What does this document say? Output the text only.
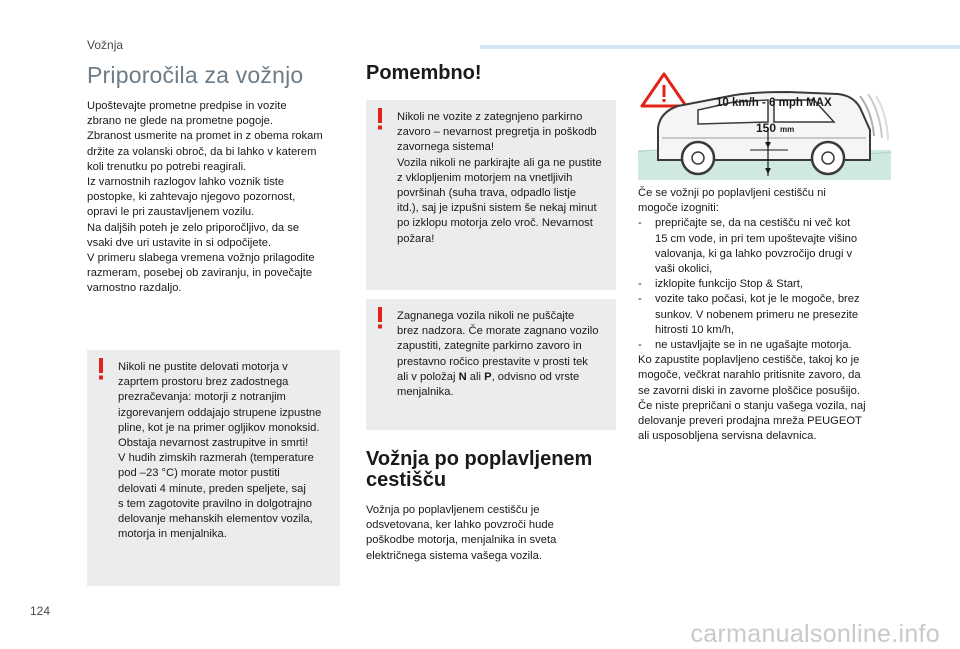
Vožnja
Priporočila za vožnjo

Upoštevajte prometne predpise in vozite
zbrano ne glede na prometne pogoje.
Zbranost usmerite na promet in z obema rokam
držite za volanski obroč, da bi lahko v katerem
koli trenutku po potrebi reagirali.
Iz varnostnih razlogov lahko voznik tiste
postopke, ki zahtevajo njegovo pozornost,
opravi le pri zaustavljenem vozilu.
Na daljših poteh je zelo priporočljivo, da se
vsaki dve uri ustavite in si odpočijete.
V primeru slabega vremena vožnjo prilagodite
razmeram, posebej ob zaviranju, in povečajte
varnostno razdaljo.

Nikoli ne pustite delovati motorja v
zaprtem prostoru brez zadostnega
prezračevanja: motorji z notranjim
izgorevanjem oddajajo strupene izpustne
pline, kot je na primer ogljikov monoksid.
Obstaja nevarnost zastrupitve in smrti!
V hudih zimskih razmerah (temperature
pod –23 °C) morate motor pustiti
delovati 4 minute, preden speljete, saj
s tem zagotovite pravilno in dolgotrajno
delovanje mehanskih elementov vozila,
motorja in menjalnika.

Pomembno!

Nikoli ne vozite z zategnjeno parkirno
zavoro – nevarnost pregretja in poškodb
zavornega sistema!
Vozila nikoli ne parkirajte ali ga ne pustite
z vklopljenim motorjem na vnetljivih
površinah (suha trava, odpadlo listje
itd.), saj je izpušni sistem še nekaj minut
po izklopu motorja zelo vroč. Nevarnost
požara!

Zagnanega vozila nikoli ne puščajte
brez nadzora. Če morate zagnano vozilo
zapustiti, zategnite parkirno zavoro in
prestavno ročico prestavite v prosti tek
ali v položaj N ali P, odvisno od vrste
menjalnika.

Vožnja po poplavljenem
cestišču

Vožnja po poplavljenem cestišču je
odsvetovana, ker lahko povzroči hude
poškodbe motorja, menjalnika in sveta
električnega sistema vašega vozila.

10 km/h - 6 mph MAX
150 mm

Če se vožnji po poplavljeni cestišču ni
mogoče izogniti:

- prepričajte se, da na cestišču ni več kot
15 cm vode, in pri tem upoštevajte višino
valovanja, ki ga lahko povzročijo drugi v
vaši okolici,
- izklopite funkcijo Stop & Start,
- vozite tako počasi, kot je le mogoče, brez
sunkov. V nobenem primeru ne presezite
hitrosti 10 km/h,
- ne ustavljajte se in ne ugašajte motorja.

Ko zapustite poplavljeno cestišče, takoj ko je
mogoče, večkrat narahlo pritisnite zavoro, da
se zavorni diski in zavorne ploščice posušijo.
Če niste prepričani o stanju vašega vozila, naj
delovanje preveri prodajna mreža PEUGEOT
ali usposobljena servisna delavnica.

124
carmanualsonline.info
